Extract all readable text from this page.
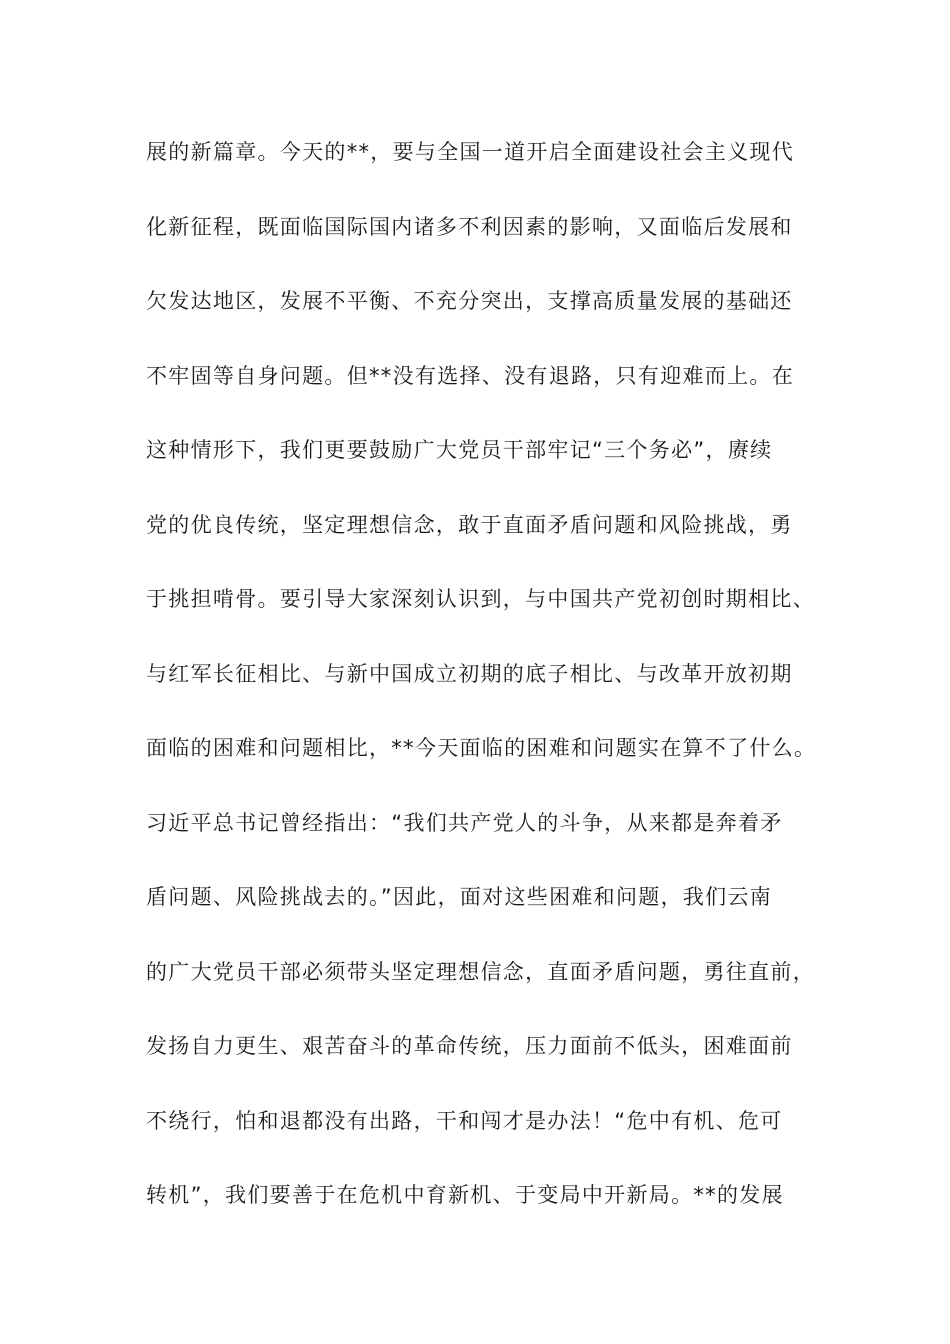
展的新篇章。今天的**，要与全国一道开启全面建设社会主义现代
化新征程，既面临国际国内诸多不利因素的影响，又面临后发展和
欠发达地区，发展不平衡、不充分突出，支撑高质量发展的基础还
不牢固等自身问题。但**没有选择、没有退路，只有迎难而上。在
这种情形下，我们更要鼓励广大党员干部牢记“三个务必”，赓续
党的优良传统，坚定理想信念，敢于直面矛盾问题和风险挑战，勇
于挑担啃骨。要引导大家深刻认识到，与中国共产党初创时期相比、
与红军长征相比、与新中国成立初期的底子相比、与改革开放初期
面临的困难和问题相比，**今天面临的困难和问题实在算不了什么。
习近平总书记曾经指出：“我们共产党人的斗争，从来都是奔着矛
盾问题、风险挑战去的。”因此，面对这些困难和问题，我们云南
的广大党员干部必须带头坚定理想信念，直面矛盾问题，勇往直前，
发扬自力更生、艰苦奋斗的革命传统，压力面前不低头，困难面前
不绕行，怕和退都没有出路，干和闯才是办法！“危中有机、危可
转机”，我们要善于在危机中育新机、于变局中开新局。**的发展
